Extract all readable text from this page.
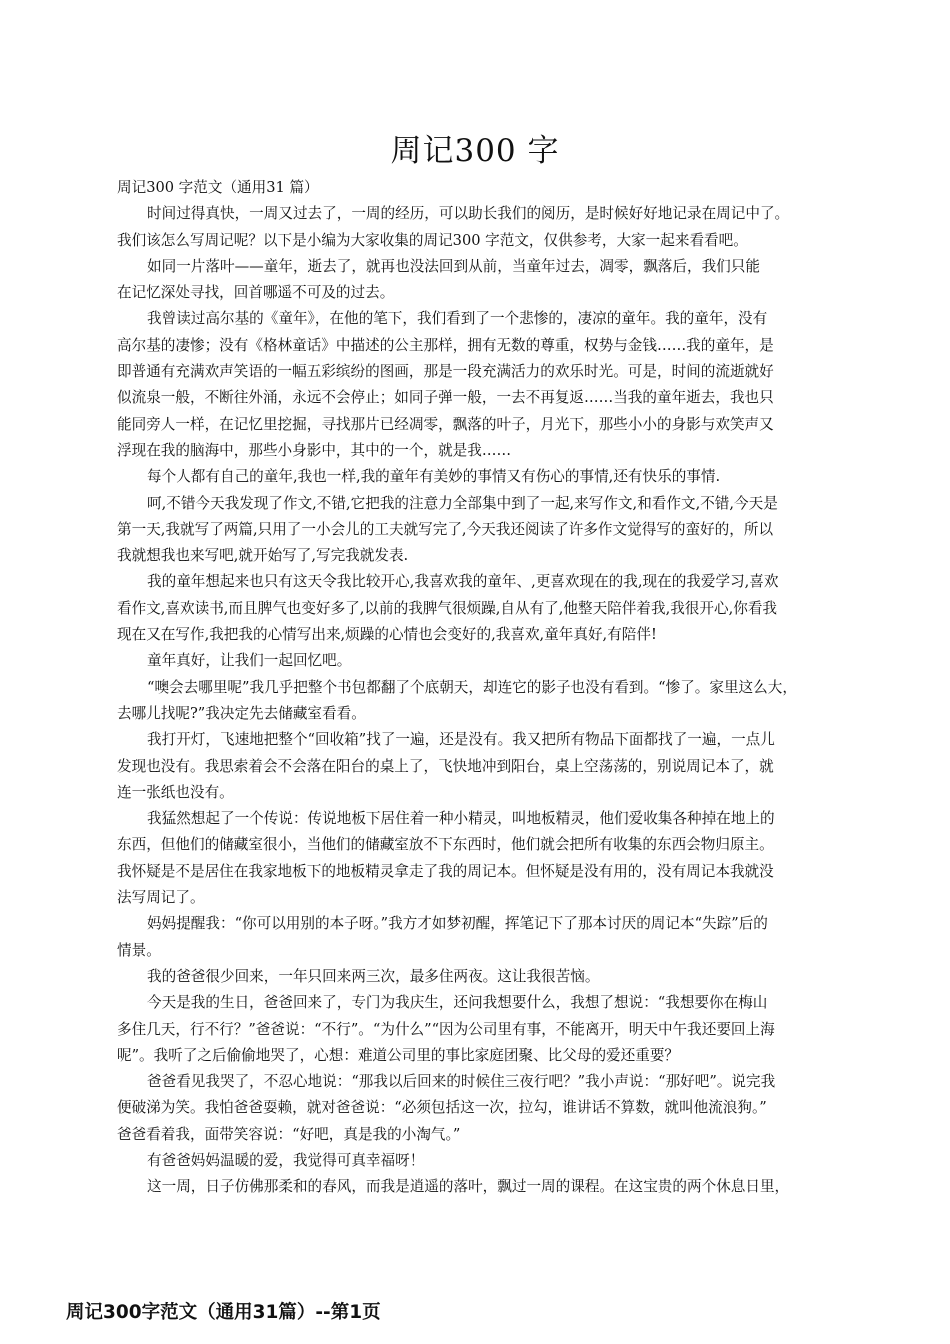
周记300 字
周记300 字范文（通用31 篇）
时间过得真快，一周又过去了，一周的经历，可以助长我们的阅历，是时候好好地记录在周记中了。
我们该怎么写周记呢？以下是小编为大家收集的周记300 字范文，仅供参考，大家一起来看看吧。
如同一片落叶——童年，逝去了，就再也没法回到从前，当童年过去，凋零，飘落后，我们只能
在记忆深处寻找，回首哪遥不可及的过去。
我曾读过高尔基的《童年》，在他的笔下，我们看到了一个悲惨的，凄凉的童年。我的童年，没有
高尔基的凄惨；没有《格林童话》中描述的公主那样，拥有无数的尊重，权势与金钱……我的童年，是
即普通有充满欢声笑语的一幅五彩缤纷的图画，那是一段充满活力的欢乐时光。可是，时间的流逝就好
似流泉一般，不断往外涌，永远不会停止；如同子弹一般，一去不再复返……当我的童年逝去，我也只
能同旁人一样，在记忆里挖掘，寻找那片已经凋零，飘落的叶子，月光下，那些小小的身影与欢笑声又
浮现在我的脑海中，那些小身影中，其中的一个，就是我……
每个人都有自己的童年,我也一样,我的童年有美妙的事情又有伤心的事情,还有快乐的事情.
呵,不错今天我发现了作文,不错,它把我的注意力全部集中到了一起,来写作文,和看作文,不错,今天是
第一天,我就写了两篇,只用了一小会儿的工夫就写完了,今天我还阅读了许多作文觉得写的蛮好的，所以
我就想我也来写吧,就开始写了,写完我就发表.
我的童年想起来也只有这天令我比较开心,我喜欢我的童年、,更喜欢现在的我,现在的我爱学习,喜欢
看作文,喜欢读书,而且脾气也变好多了,以前的我脾气很烦躁,自从有了,他整天陪伴着我,我很开心,你看我
现在又在写作,我把我的心情写出来,烦躁的心情也会变好的,我喜欢,童年真好,有陪伴!
童年真好，让我们一起回忆吧。
“噢会去哪里呢”我几乎把整个书包都翻了个底朝天，却连它的影子也没有看到。“惨了。家里这么大，
去哪儿找呢?”我决定先去储藏室看看。
我打开灯，飞速地把整个“回收箱”找了一遍，还是没有。我又把所有物品下面都找了一遍，一点儿
发现也没有。我思索着会不会落在阳台的桌上了，飞快地冲到阳台，桌上空荡荡的，别说周记本了，就
连一张纸也没有。
我猛然想起了一个传说：传说地板下居住着一种小精灵，叫地板精灵，他们爱收集各种掉在地上的
东西，但他们的储藏室很小，当他们的储藏室放不下东西时，他们就会把所有收集的东西会物归原主。
我怀疑是不是居住在我家地板下的地板精灵拿走了我的周记本。但怀疑是没有用的，没有周记本我就没
法写周记了。
妈妈提醒我：“你可以用别的本子呀。”我方才如梦初醒，挥笔记下了那本讨厌的周记本“失踪”后的
情景。
我的爸爸很少回来，一年只回来两三次，最多住两夜。这让我很苦恼。
今天是我的生日，爸爸回来了，专门为我庆生，还问我想要什么，我想了想说：“我想要你在梅山
多住几天，行不行？”爸爸说：“不行”。“为什么”“因为公司里有事，不能离开，明天中午我还要回上海
呢”。我听了之后偷偷地哭了，心想：难道公司里的事比家庭团聚、比父母的爱还重要？
爸爸看见我哭了，不忍心地说：“那我以后回来的时候住三夜行吧？”我小声说：“那好吧”。说完我
便破涕为笑。我怕爸爸耍赖，就对爸爸说：“必须包括这一次，拉勾，谁讲话不算数，就叫他流浪狗。”
爸爸看着我，面带笑容说：“好吧，真是我的小淘气。”
有爸爸妈妈温暖的爱，我觉得可真幸福呀！
这一周，日子仿佛那柔和的春风，而我是逍遥的落叶，飘过一周的课程。在这宝贵的两个休息日里，
周记300字范文（通用31篇）--第1页
